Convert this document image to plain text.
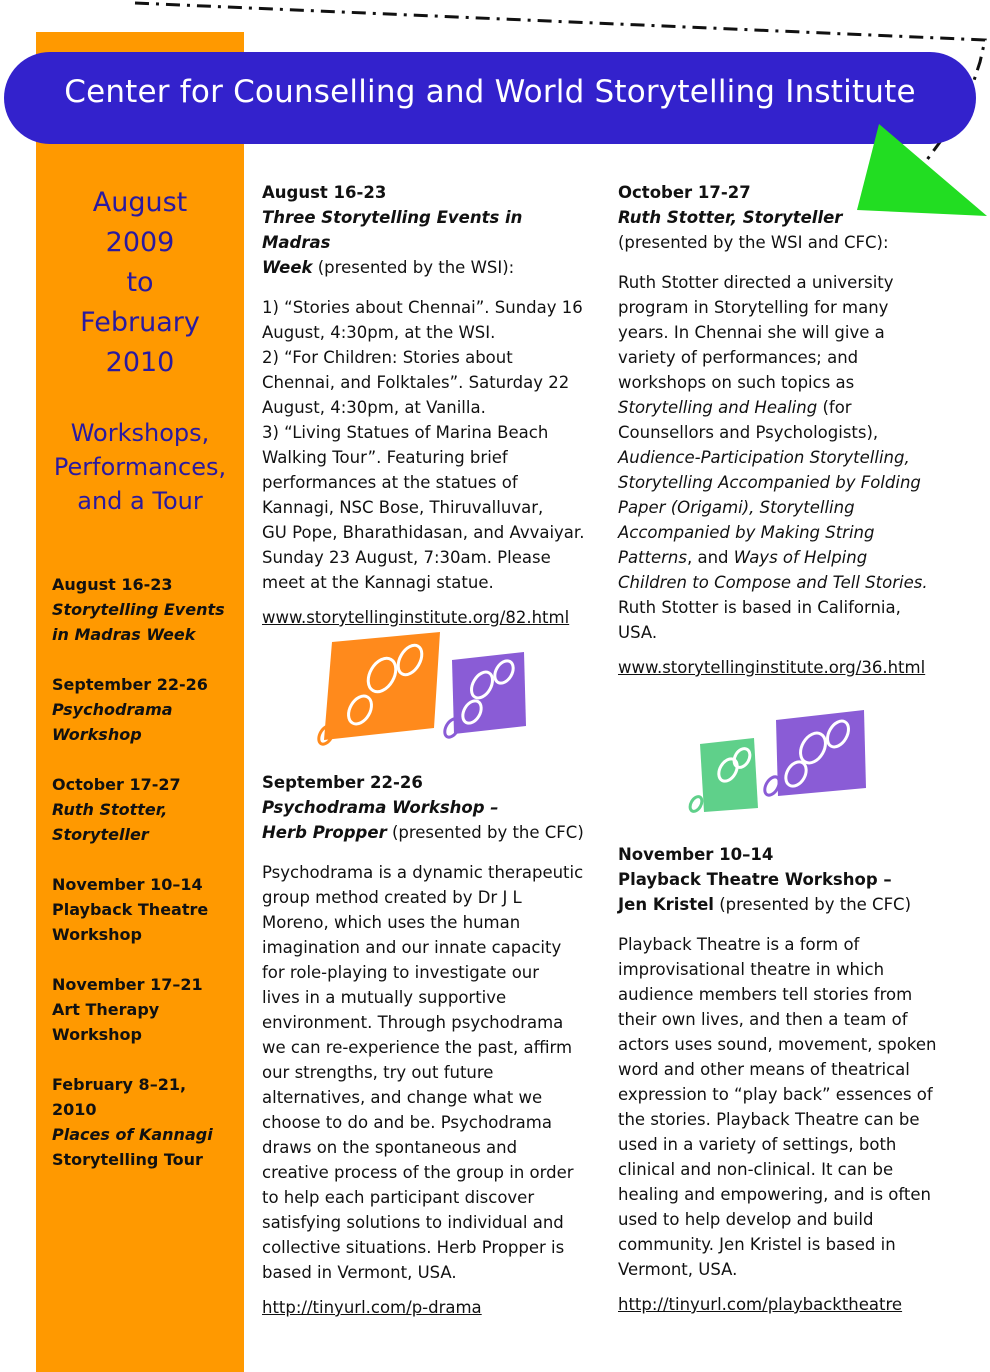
Center for Counselling and World Storytelling Institute
August
2009
to
February
2010
Workshops,
Performances,
and a Tour
August 16-23
Storytelling Events
in Madras Week
September 22-26
Psychodrama
Workshop
October 17-27
Ruth Stotter,
Storyteller
November 10–14
Playback Theatre
Workshop
November 17–21
Art Therapy
Workshop
February 8–21,
2010
Places of Kannagi
Storytelling Tour

August 16-23

Three Storytelling Events in Madras

Week (presented by the WSI):

1) “Stories about Chennai”. Sunday 16

August, 4:30pm, at the WSI.

2) “For Children: Stories about

Chennai, and Folktales”. Saturday 22

August, 4:30pm, at Vanilla.

3) “Living Statues of Marina Beach

Walking Tour”. Featuring brief

performances at the statues of

Kannagi, NSC Bose, Thiruvalluvar,

GU Pope, Bharathidasan, and Avvaiyar.

Sunday 23 August, 7:30am. Please

meet at the Kannagi statue.

www.storytellinginstitute.org/82.html

September 22-26

Psychodrama Workshop –

Herb Propper (presented by the CFC)

Psychodrama is a dynamic therapeutic

group method created by Dr J L

Moreno, which uses the human

imagination and our innate capacity

for role-playing to investigate our

lives in a mutually supportive

environment. Through psychodrama

we can re-experience the past, affirm

our strengths, try out future

alternatives, and change what we

choose to do and be. Psychodrama

draws on the spontaneous and

creative process of the group in order

to help each participant discover

satisfying solutions to individual and

collective situations. Herb Propper is

based in Vermont, USA.

http://tinyurl.com/p-drama

October 17-27

Ruth Stotter, Storyteller

(presented by the WSI and CFC):

Ruth Stotter directed a university

program in Storytelling for many

years. In Chennai she will give a

variety of performances; and

workshops on such topics as

Storytelling and Healing (for

Counsellors and Psychologists),

Audience-Participation Storytelling,

Storytelling Accompanied by Folding

Paper (Origami), Storytelling

Accompanied by Making String

Patterns, and Ways of Helping

Children to Compose and Tell Stories.

Ruth Stotter is based in California,

USA.

www.storytellinginstitute.org/36.html

November 10–14

Playback Theatre Workshop –

Jen Kristel (presented by the CFC)

Playback Theatre is a form of

improvisational theatre in which

audience members tell stories from

their own lives, and then a team of

actors uses sound, movement, spoken

word and other means of theatrical

expression to “play back” essences of

the stories. Playback Theatre can be

used in a variety of settings, both

clinical and non-clinical. It can be

healing and empowering, and is often

used to help develop and build

community. Jen Kristel is based in

Vermont, USA.

http://tinyurl.com/playbacktheatre
